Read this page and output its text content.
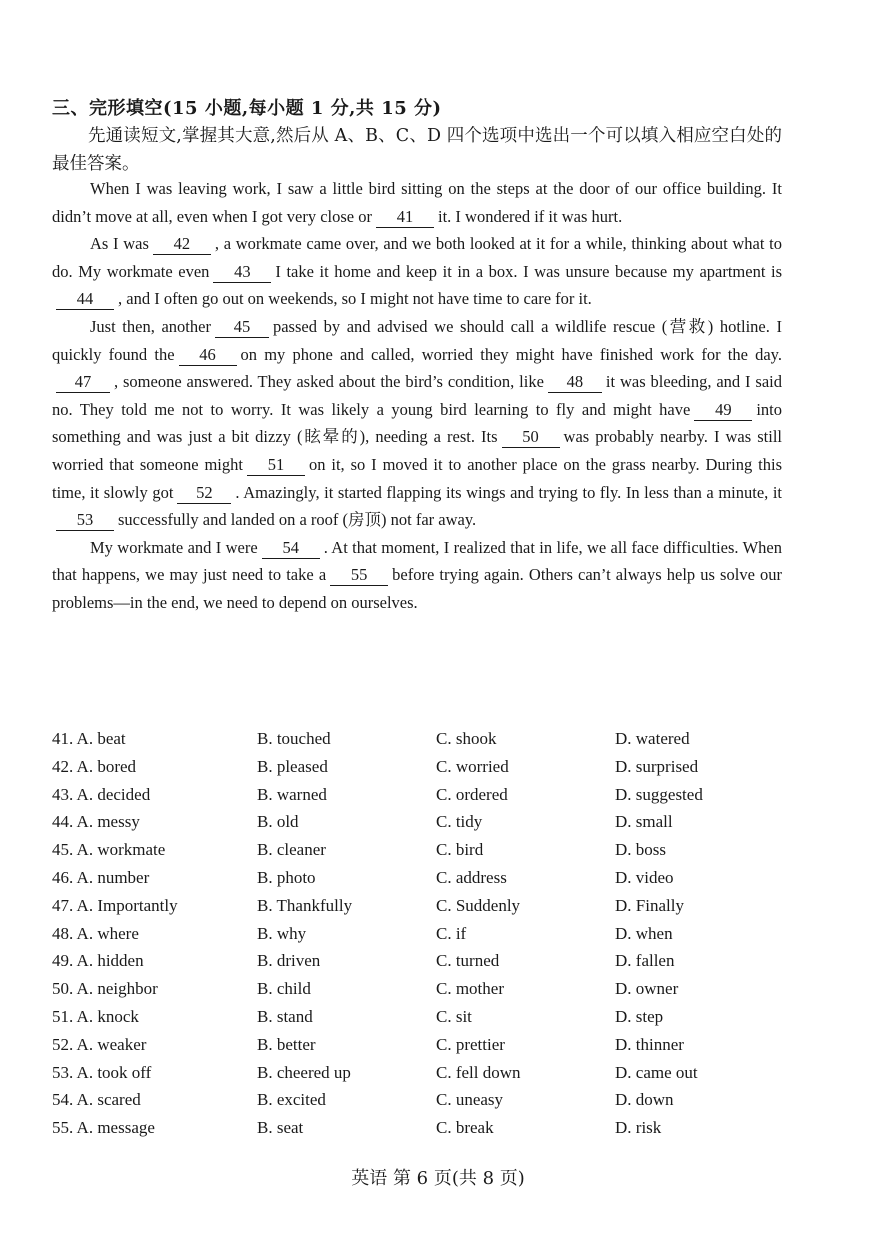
三、完形填空(15 小题,每小题 1 分,共 15 分)
先通读短文,掌握其大意,然后从 A、B、C、D 四个选项中选出一个可以填入相应空白处的最佳答案。

When I was leaving work, I saw a little bird sitting on the steps at the door of our office building. It didn’t move at all, even when I got very close or 41 it. I wondered if it was hurt.

As I was 42 , a workmate came over, and we both looked at it for a while, thinking about what to do. My workmate even 43 I take it home and keep it in a box. I was unsure because my apartment is44 , and I often go out on weekends, so I might not have time to care for it.

Just then, another 45 passed by and advised we should call a wildlife rescue (营救) hotline. I quickly found the 46 on my phone and called, worried they might have finished work for the day.47 , someone answered. They asked about the bird’s condition, like 48 it was bleeding, and I said no. They told me not to worry. It was likely a young bird learning to fly and might have 49 into something and was just a bit dizzy (眩晕的), needing a rest. Its 50 was probably nearby. I was still worried that someone might 51 on it, so I moved it to another place on the grass nearby. During this time, it slowly got 52 . Amazingly, it started flapping its wings and trying to fly. In less than a minute, it53 successfully and landed on a roof (房顶) not far away.

My workmate and I were 54 . At that moment, I realized that in life, we all face difficulties. When that happens, we may just need to take a 55 before trying again. Others can’t always help us solve our problems—in the end, we need to depend on ourselves.

41. A. beat	B. touched	C. shook	D. watered
42. A. bored	B. pleased	C. worried	D. surprised
43. A. decided	B. warned	C. ordered	D. suggested
44. A. messy	B. old	C. tidy	D. small
45. A. workmate	B. cleaner	C. bird	D. boss
46. A. number	B. photo	C. address	D. video
47. A. Importantly	B. Thankfully	C. Suddenly	D. Finally
48. A. where	B. why	C. if	D. when
49. A. hidden	B. driven	C. turned	D. fallen
50. A. neighbor	B. child	C. mother	D. owner
51. A. knock	B. stand	C. sit	D. step
52. A. weaker	B. better	C. prettier	D. thinner
53. A. took off	B. cheered up	C. fell down	D. came out
54. A. scared	B. excited	C. uneasy	D. down
55. A. message	B. seat	C. break	D. risk
英语 第 6 页(共 8 页)
